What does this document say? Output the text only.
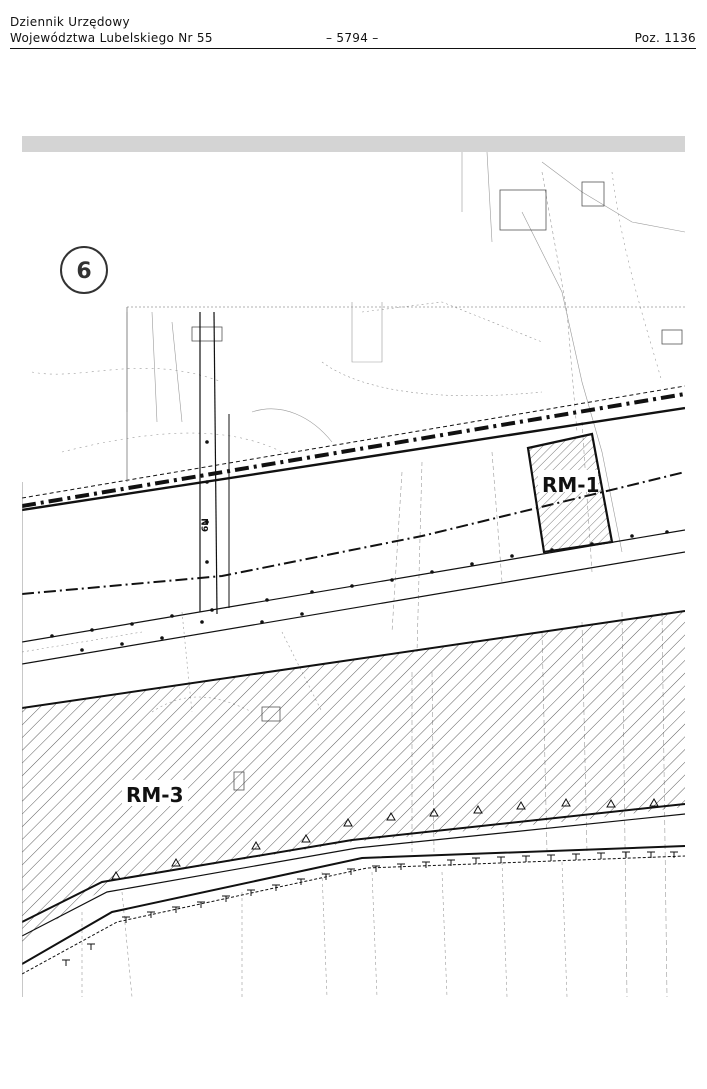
Dziennik Urzędowy
Województwa Lubelskiego Nr 55	– 5794 –	Poz. 1136
6N
RM-1
RM-3
6
